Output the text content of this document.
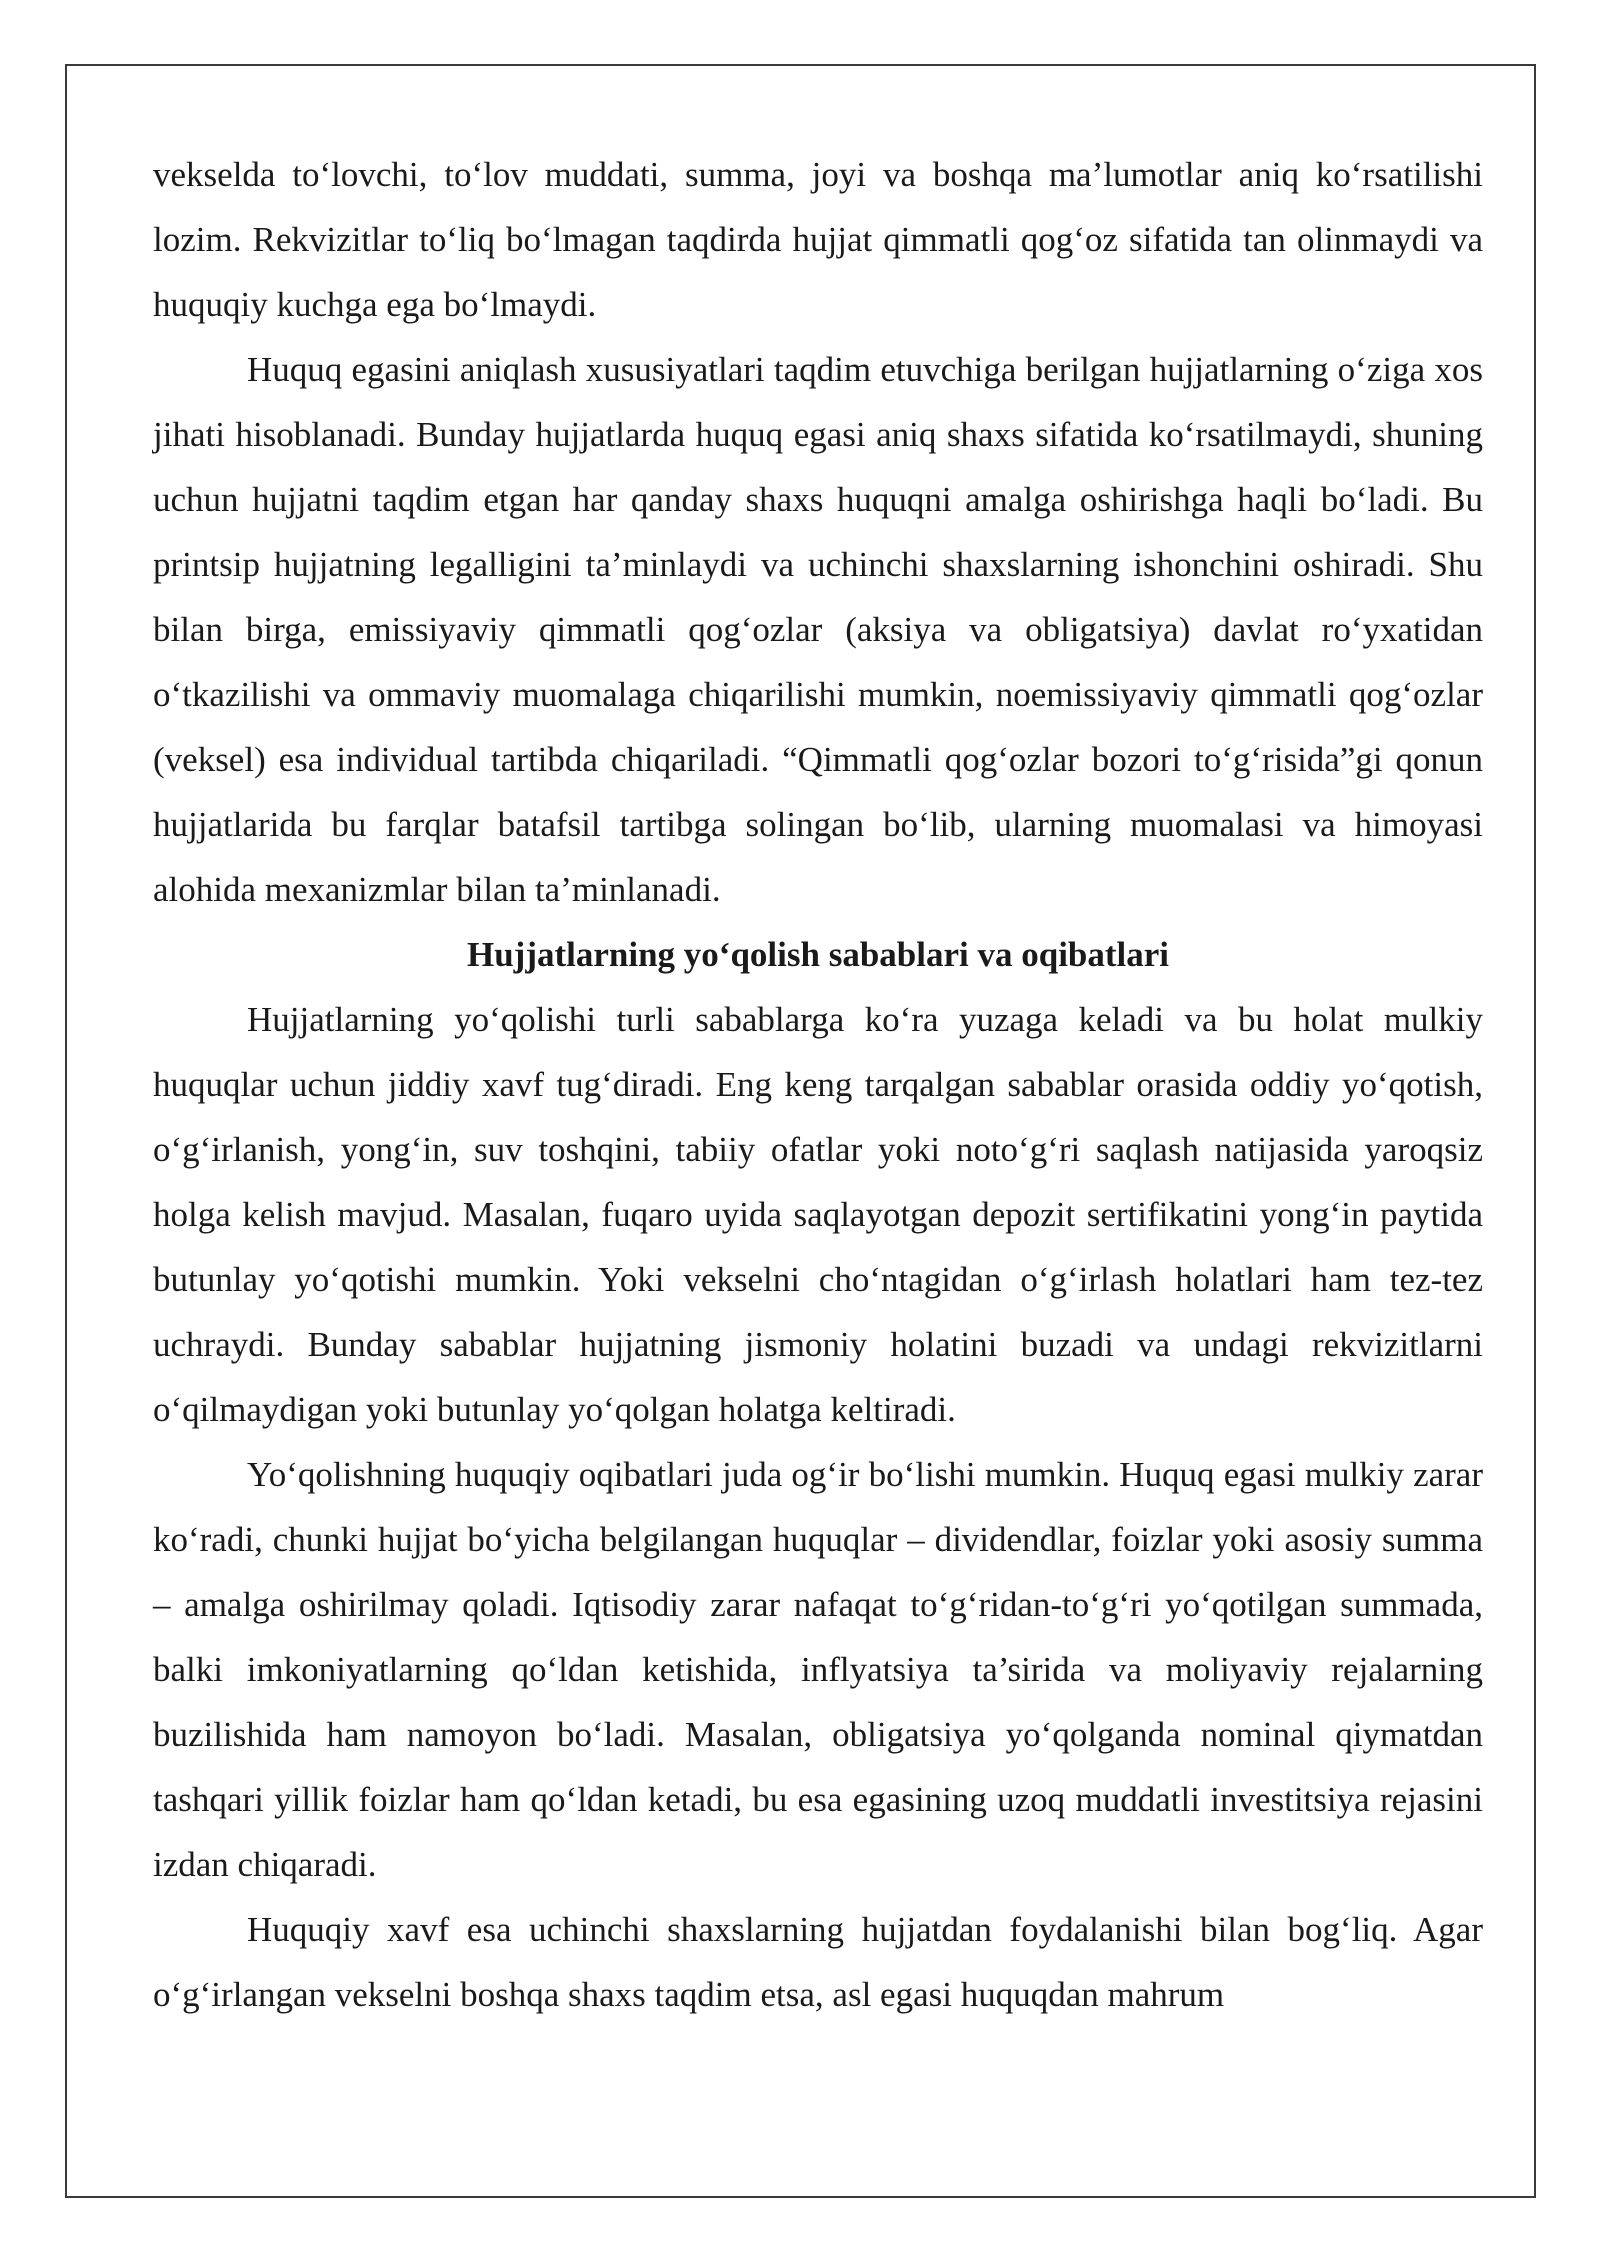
vekselda to‘lovchi, to‘lov muddati, summa, joyi va boshqa ma’lumotlar aniq ko‘rsatilishi lozim. Rekvizitlar to‘liq bo‘lmagan taqdirda hujjat qimmatli qog‘oz sifatida tan olinmaydi va huquqiy kuchga ega bo‘lmaydi.

Huquq egasini aniqlash xususiyatlari taqdim etuvchiga berilgan hujjatlarning o‘ziga xos jihati hisoblanadi. Bunday hujjatlarda huquq egasi aniq shaxs sifatida ko‘rsatilmaydi, shuning uchun hujjatni taqdim etgan har qanday shaxs huquqni amalga oshirishga haqli bo‘ladi. Bu printsip hujjatning legalligini ta’minlaydi va uchinchi shaxslarning ishonchini oshiradi. Shu bilan birga, emissiyaviy qimmatli qog‘ozlar (aksiya va obligatsiya) davlat ro‘yxatidan o‘tkazilishi va ommaviy muomalaga chiqarilishi mumkin, noemissiyaviy qimmatli qog‘ozlar (veksel) esa individual tartibda chiqariladi. “Qimmatli qog‘ozlar bozori to‘g‘risida”gi qonun hujjatlarida bu farqlar batafsil tartibga solingan bo‘lib, ularning muomalasi va himoyasi alohida mexanizmlar bilan ta’minlanadi.

Hujjatlarning yo‘qolish sabablari va oqibatlari

Hujjatlarning yo‘qolishi turli sabablarga ko‘ra yuzaga keladi va bu holat mulkiy huquqlar uchun jiddiy xavf tug‘diradi. Eng keng tarqalgan sabablar orasida oddiy yo‘qotish, o‘g‘irlanish, yong‘in, suv toshqini, tabiiy ofatlar yoki noto‘g‘ri saqlash natijasida yaroqsiz holga kelish mavjud. Masalan, fuqaro uyida saqlayotgan depozit sertifikatini yong‘in paytida butunlay yo‘qotishi mumkin. Yoki vekselni cho‘ntagidan o‘g‘irlash holatlari ham tez-tez uchraydi. Bunday sabablar hujjatning jismoniy holatini buzadi va undagi rekvizitlarni o‘qilmaydigan yoki butunlay yo‘qolgan holatga keltiradi.

Yo‘qolishning huquqiy oqibatlari juda og‘ir bo‘lishi mumkin. Huquq egasi mulkiy zarar ko‘radi, chunki hujjat bo‘yicha belgilangan huquqlar – dividendlar, foizlar yoki asosiy summa – amalga oshirilmay qoladi. Iqtisodiy zarar nafaqat to‘g‘ridan-to‘g‘ri yo‘qotilgan summada, balki imkoniyatlarning qo‘ldan ketishida, inflyatsiya ta’sirida va moliyaviy rejalarning buzilishida ham namoyon bo‘ladi. Masalan, obligatsiya yo‘qolganda nominal qiymatdan tashqari yillik foizlar ham qo‘ldan ketadi, bu esa egasining uzoq muddatli investitsiya rejasini izdan chiqaradi.

Huquqiy xavf esa uchinchi shaxslarning hujjatdan foydalanishi bilan bog‘liq. Agar o‘g‘irlangan vekselni boshqa shaxs taqdim etsa, asl egasi huquqdan mahrum
